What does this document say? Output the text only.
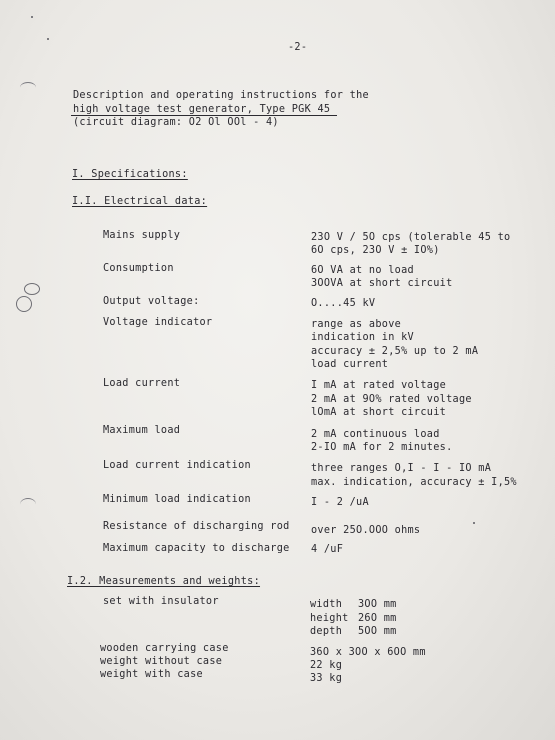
-2-
Description and operating instructions for the
high voltage test generator, Type PGK 45
(circuit diagram: O2 Ol OOl - 4)
I. Specifications:
I.I. Electrical data:
Mains supply	23O V / 5O cps (tolerable 45 to
6O cps, 23O V ± IO%)
Consumption	6O VA at no load
3OOVA at short circuit
Output voltage:	O....45 kV
Voltage indicator	range as above
indication in kV
accuracy ± 2,5% up to 2 mA
load current
Load current	I mA at rated voltage
2 mA at 9O% rated voltage
lOmA at short circuit
Maximum load	2 mA continuous load
2-IO mA for 2 minutes.
Load current indication	three ranges O,I - I - IO mA
max. indication, accuracy ± I,5%
Minimum load indication	I - 2 /uA
Resistance of discharging rod over 25O.OOO ohms
Maximum capacity to discharge 4 /uF
I.2. Measurements and weights:
set with insulator	width 3OO mm
height 26O mm
depth 5OO mm
wooden carrying case	36O x 3OO x 6OO mm
weight without case	22 kg
weight with case	33 kg
